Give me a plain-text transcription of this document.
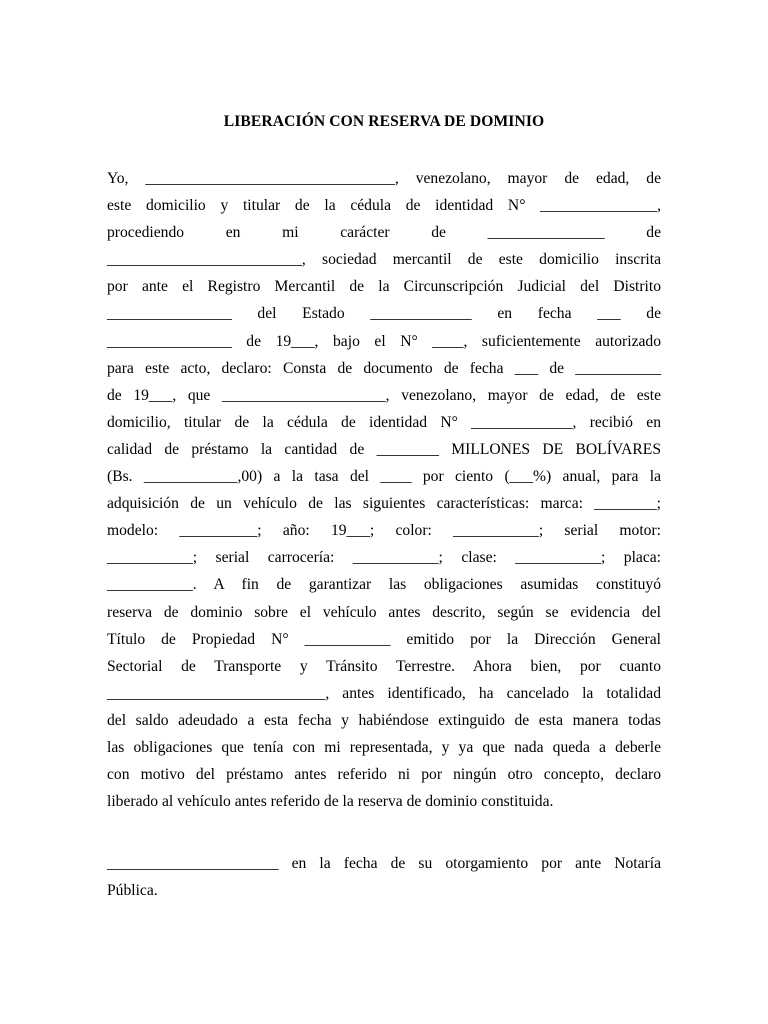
LIBERACIÓN CON RESERVA DE DOMINIO
Yo, ________________________________, venezolano, mayor de edad, de
este domicilio y titular de la cédula de identidad N° _______________,
procediendo en mi carácter de _______________ de
_________________________, sociedad mercantil de este domicilio inscrita
por ante el Registro Mercantil de la Circunscripción Judicial del Distrito
________________ del Estado _____________ en fecha ___ de
________________ de 19___, bajo el N° ____, suficientemente autorizado
para este acto, declaro: Consta de documento de fecha ___ de ___________
de 19___, que _____________________, venezolano, mayor de edad, de este
domicilio, titular de la cédula de identidad N° _____________, recibió en
calidad de préstamo la cantidad de ________ MILLONES DE BOLÍVARES
(Bs. ____________,00) a la tasa del ____ por ciento (___%) anual, para la
adquisición de un vehículo de las siguientes características: marca: ________;
modelo: __________; año: 19___; color: ___________; serial motor:
___________; serial carrocería: ___________; clase: ___________; placa:
___________. A fin de garantizar las obligaciones asumidas constituyó
reserva de dominio sobre el vehículo antes descrito, según se evidencia del
Título de Propiedad N° ___________ emitido por la Dirección General
Sectorial de Transporte y Tránsito Terrestre. Ahora bien, por cuanto
____________________________, antes identificado, ha cancelado la totalidad
del saldo adeudado a esta fecha y habiéndose extinguido de esta manera todas
las obligaciones que tenía con mi representada, y ya que nada queda a deberle
con motivo del préstamo antes referido ni por ningún otro concepto, declaro
liberado al vehículo antes referido de la reserva de dominio constituida.
______________________ en la fecha de su otorgamiento por ante Notaría
Pública.
